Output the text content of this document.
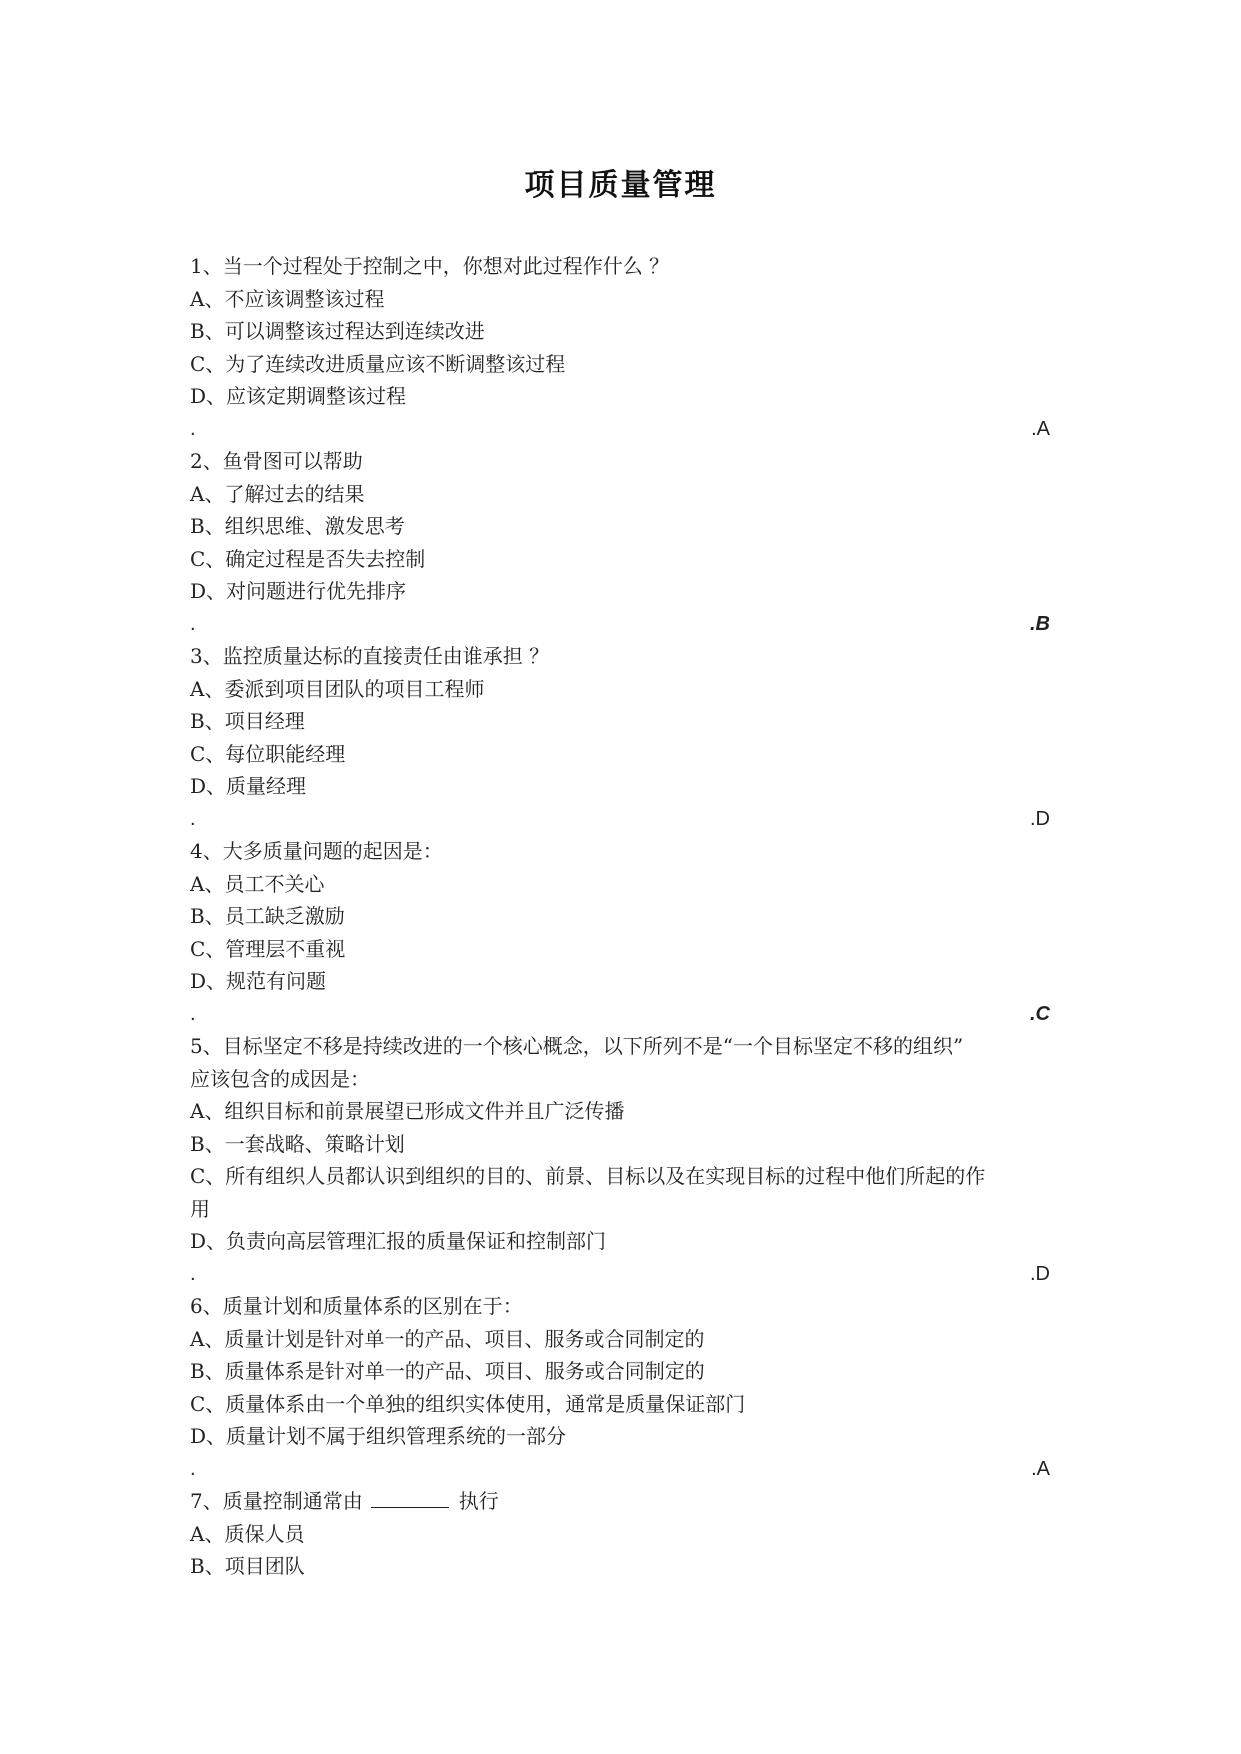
项目质量管理
1、当一个过程处于控制之中，你想对此过程作什么 ？
A、不应该调整该过程
B、可以调整该过程达到连续改进
C、为了连续改进质量应该不断调整该过程
D、应该定期调整该过程
.	.A
2、鱼骨图可以帮助
A、了解过去的结果
B、组织思维、激发思考
C、确定过程是否失去控制
D、对问题进行优先排序
.	.B
3、监控质量达标的直接责任由谁承担 ？
A、委派到项目团队的项目工程师
B、项目经理
C、每位职能经理
D、质量经理
.	.D
4、大多质量问题的起因是：
A、员工不关心
B、员工缺乏激励
C、管理层不重视
D、规范有问题
.	.C
5、目标坚定不移是持续改进的一个核心概念，以下所列不是“一个目标坚定不移的组织”
应该包含的成因是：
A、组织目标和前景展望已形成文件并且广泛传播
B、一套战略、策略计划
C、所有组织人员都认识到组织的目的、前景、目标以及在实现目标的过程中他们所起的作
用
D、负责向高层管理汇报的质量保证和控制部门
.	.D
6、质量计划和质量体系的区别在于：
A、质量计划是针对单一的产品、项目、服务或合同制定的
B、质量体系是针对单一的产品、项目、服务或合同制定的
C、质量体系由一个单独的组织实体使用，通常是质量保证部门
D、质量计划不属于组织管理系统的一部分
.	.A
7、质量控制通常由	执行
A、质保人员
B、项目团队
